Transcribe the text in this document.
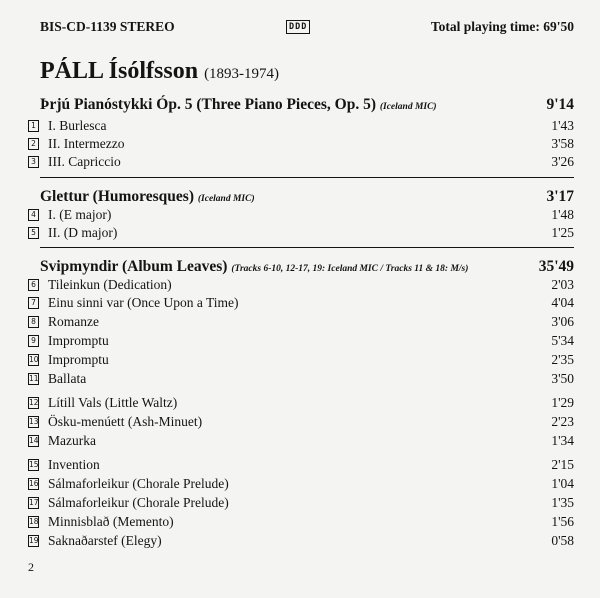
BIS-CD-1139 STEREO	DDD	Total playing time: 69'50
PÁLL Ísólfsson (1893-1974)
Þrjú Pianóstykki Óp. 5 (Three Piano Pieces, Op. 5) (Iceland MIC)	9'14
1 I. Burlesca	1'43
2 II. Intermezzo	3'58
3 III. Capriccio	3'26
Glettur (Humoresques) (Iceland MIC)	3'17
4 I. (E major)	1'48
5 II. (D major)	1'25
Svipmyndir (Album Leaves) (Tracks 6-10, 12-17, 19: Iceland MIC / Tracks 11 & 18: M/s)	35'49
6 Tileinkun (Dedication)	2'03
7 Einu sinni var (Once Upon a Time)	4'04
8 Romanze	3'06
9 Impromptu	5'34
10 Impromptu	2'35
11 Ballata	3'50
12 Lítill Vals (Little Waltz)	1'29
13 Ösku-menúett (Ash-Minuet)	2'23
14 Mazurka	1'34
15 Invention	2'15
16 Sálmaforleikur (Chorale Prelude)	1'04
17 Sálmaforleikur (Chorale Prelude)	1'35
18 Minnisblað (Memento)	1'56
19 Saknaðarstef (Elegy)	0'58
2
